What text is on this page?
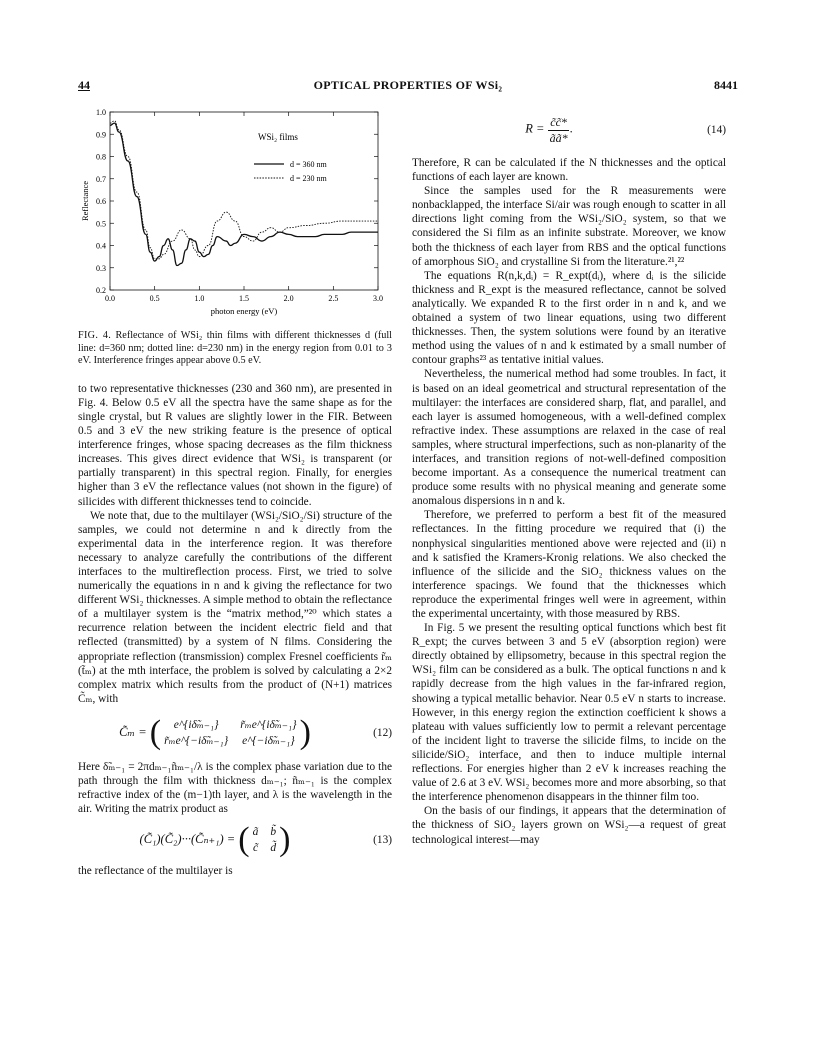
44	OPTICAL PROPERTIES OF WSi₂	8441
0.0	0.5	1.0	1.5	2.0	2.5	3.0
0.2
0.3
0.4
0.5
0.6
0.7
0.8
0.9
1.0
photon energy (eV)
Reflectance
WSi₂ films
d = 360 nm
d = 230 nm
FIG. 4. Reflectance of WSi₂ thin films with different thicknesses d (full line: d=360 nm; dotted line: d=230 nm) in the energy region from 0.01 to 3 eV. Interference fringes appear above 0.5 eV.

to two representative thicknesses (230 and 360 nm), are presented in Fig. 4. Below 0.5 eV all the spectra have the same shape as for the single crystal, but R values are slightly lower in the FIR. Between 0.5 and 3 eV the new striking feature is the presence of optical interference fringes, whose spacing decreases as the film thickness increases. This gives direct evidence that WSi₂ is transparent (or partially transparent) in this spectral region. Finally, for energies higher than 3 eV the reflectance values (not shown in the figure) of silicides with different thicknesses tend to coincide.

We note that, due to the multilayer (WSi₂/SiO₂/Si) structure of the samples, we could not determine n and k directly from the experimental data in the interference region. It was therefore necessary to analyze carefully the contributions of the different interfaces to the multireflection process. First, we tried to solve numerically the equations in n and k giving the reflectance for two different WSi₂ thicknesses. A simple method to obtain the reflectance of a multilayer system is the “matrix method,”²⁰ which states a recurrence relation between the incident electric field and that reflected (transmitted) by a system of N films. Considering the appropriate reflection (transmission) complex Fresnel coefficients r̃ₘ (t̃ₘ) at the mth interface, the problem is solved by calculating a 2×2 complex matrix which results from the product of (N+1) matrices C̃ₘ, with

C̃ₘ = (	e^{iδ̃ₘ₋₁}	r̃ₘe^{iδ̃ₘ₋₁}
r̃ₘe^{−iδ̃ₘ₋₁} e^{−iδ̃ₘ₋₁} )	(12)

Here δ̃ₘ₋₁ = 2πdₘ₋₁ñₘ₋₁/λ is the complex phase variation due to the path through the film with thickness dₘ₋₁; ñₘ₋₁ is the complex refractive index of the (m−1)th layer, and λ is the wavelength in the air. Writing the matrix product as

(C̃₁)(C̃₂)···(C̃ₙ₊₁) = ( ã b̃
c̃ d̃ )	(13)

the reflectance of the multilayer is

$R = \frac{c̃c̃*}{ãã*}$ .	(14)

Therefore, R can be calculated if the N thicknesses and the optical functions of each layer are known.

Since the samples used for the R measurements were nonbacklapped, the interface Si/air was rough enough to scatter in all directions light coming from the WSi₂/SiO₂ system, so that we considered the Si film as an infinite substrate. Moreover, we know both the thickness of each layer from RBS and the optical functions of amorphous SiO₂ and crystalline Si from the literature.²¹,²²

The equations R(n,k,dᵢ) = R_expt(dᵢ), where dᵢ is the silicide thickness and R_expt is the measured reflectance, cannot be solved analytically. We expanded R to the first order in n and k, and we obtained a system of two linear equations, using two different thicknesses. Then, the system solutions were found by an iterative method using the values of n and k estimated by a small number of contour graphs²³ as tentative initial values.

Nevertheless, the numerical method had some troubles. In fact, it is based on an ideal geometrical and structural representation of the multilayer: the interfaces are considered sharp, flat, and parallel, and each layer is assumed homogeneous, with a well-defined complex refractive index. These assumptions are relaxed in the case of real samples, where structural imperfections, such as non-planarity of the interfaces, and transition regions of not-well-defined composition become important. As a consequence the numerical treatment can produce some results with no physical meaning and generate some anomalous dispersions in n and k.

Therefore, we preferred to perform a best fit of the measured reflectances. In the fitting procedure we required that (i) the nonphysical singularities mentioned above were rejected and (ii) n and k satisfied the Kramers-Kronig relations. We also checked the influence of the silicide and the SiO₂ thickness values on the interference spacings. We found that the thicknesses which reproduce the experimental fringes well were in agreement, within the experimental uncertainty, with those measured by RBS.

In Fig. 5 we present the resulting optical functions which best fit R_expt; the curves between 3 and 5 eV (absorption region) were directly obtained by ellipsometry, because in this spectral region the WSi₂ film can be considered as a bulk. The optical functions n and k rapidly decrease from the high values in the far-infrared region, showing a typical metallic behavior. Near 0.5 eV n starts to increase. However, in this energy region the extinction coefficient k shows a plateau with values sufficiently low to permit a relevant percentage of the incident light to traverse the silicide films, to incide on the silicide/SiO₂ interface, and then to induce multiple internal reflections. For energies higher than 2 eV k increases reaching the value of 2.6 at 3 eV. WSi₂ becomes more and more absorbing, so that the interference phenomenon disappears in the thinner film too.

On the basis of our findings, it appears that the determination of the thickness of SiO₂ layers grown on WSi₂—a request of great technological interest—may
